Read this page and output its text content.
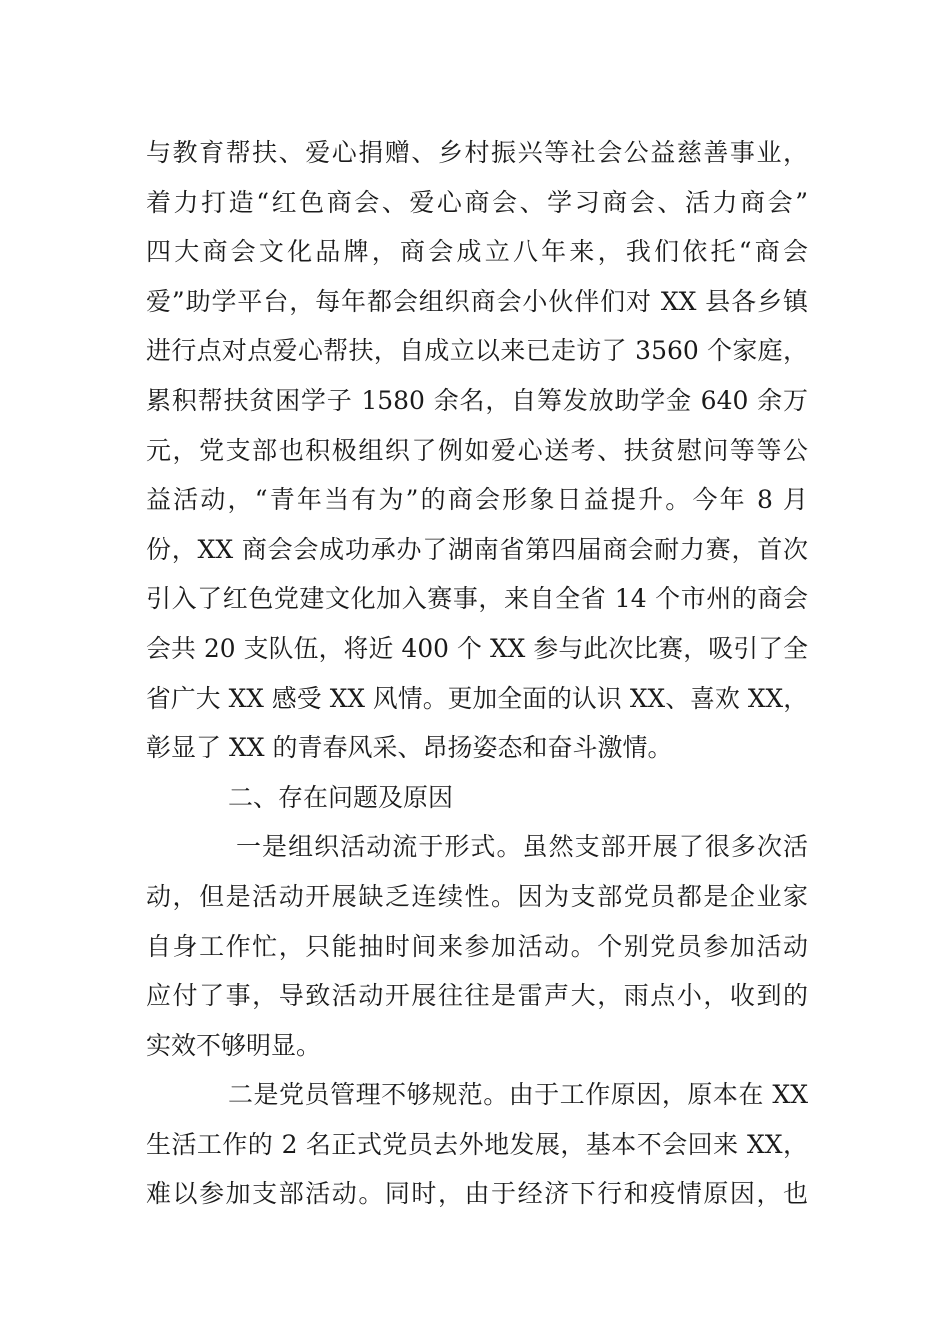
与教育帮扶、爱心捐赠、乡村振兴等社会公益慈善事业，
着力打造“红色商会、爱心商会、学习商会、活力商会”
四大商会文化品牌，商会成立八年来，我们依托“商会
爱”助学平台，每年都会组织商会小伙伴们对 XX 县各乡镇
进行点对点爱心帮扶，自成立以来已走访了 3560 个家庭，
累积帮扶贫困学子 1580 余名，自筹发放助学金 640 余万
元，党支部也积极组织了例如爱心送考、扶贫慰问等等公
益活动，“青年当有为”的商会形象日益提升。今年 8 月
份，XX 商会会成功承办了湖南省第四届商会耐力赛，首次
引入了红色党建文化加入赛事，来自全省 14 个市州的商会
会共 20 支队伍，将近 400 个 XX 参与此次比赛，吸引了全
省广大 XX 感受 XX 风情。更加全面的认识 XX、喜欢 XX，
彰显了 XX 的青春风采、昂扬姿态和奋斗激情。
二、存在问题及原因
一是组织活动流于形式。虽然支部开展了很多次活
动，但是活动开展缺乏连续性。因为支部党员都是企业家
自身工作忙，只能抽时间来参加活动。个别党员参加活动
应付了事，导致活动开展往往是雷声大，雨点小，收到的
实效不够明显。
二是党员管理不够规范。由于工作原因，原本在 XX
生活工作的 2 名正式党员去外地发展，基本不会回来 XX，
难以参加支部活动。同时，由于经济下行和疫情原因，也
